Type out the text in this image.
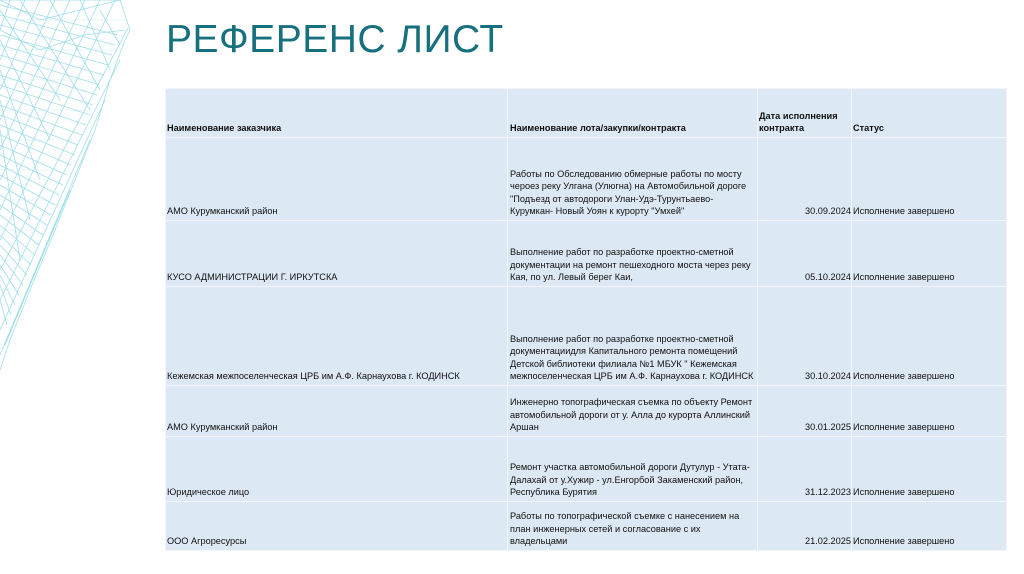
РЕФЕРЕНС ЛИСТ
Наименование заказчика	Наименование лота/закупки/контракта	Дата исполнения контракта	Статус
АМО Курумканский район	Работы по Обследованию обмерные работы по мосту чероез реку Улгана (Улюгна) на Автомобильной дороге "Подъезд от автодороги Улан-Удэ-Турунтьаево-Курумкан- Новый Уоян к курорту "Умхей"	30.09.2024	Исполнение завершено
КУСО АДМИНИСТРАЦИИ Г. ИРКУТСКА	Выполнение работ по разработке проектно-сметной документации на ремонт пешеходного моста через реку Кая, по ул. Левый берег Каи,	05.10.2024	Исполнение завершено
Кежемская межпоселенческая ЦРБ им А.Ф. Карнаухова г. КОДИНСК	Выполнение работ по разработке проектно-сметной документациидля Капитального ремонта помещений Детской библиотеки филиала №1 МБУК " Кежемская межпоселенческая ЦРБ им А.Ф. Карнаухова г. КОДИНСК	30.10.2024	Исполнение завершено
АМО Курумканский район	Инженерно топографическая съемка по объекту Ремонт автомобильной дороги от у. Алла до курорта Аллинский Аршан	30.01.2025	Исполнение завершено
Юридическое лицо	Ремонт участка автомобильной дороги Дутулур - Утата-Далахай от у.Хужир - ул.Енгорбой Закаменский район, Республика Бурятия	31.12.2023	Исполнение завершено
ООО Агроресурсы	Работы по топографической съемке с нанесением на план инженерных сетей и согласование с их владельцами	21.02.2025	Исполнение завершено
